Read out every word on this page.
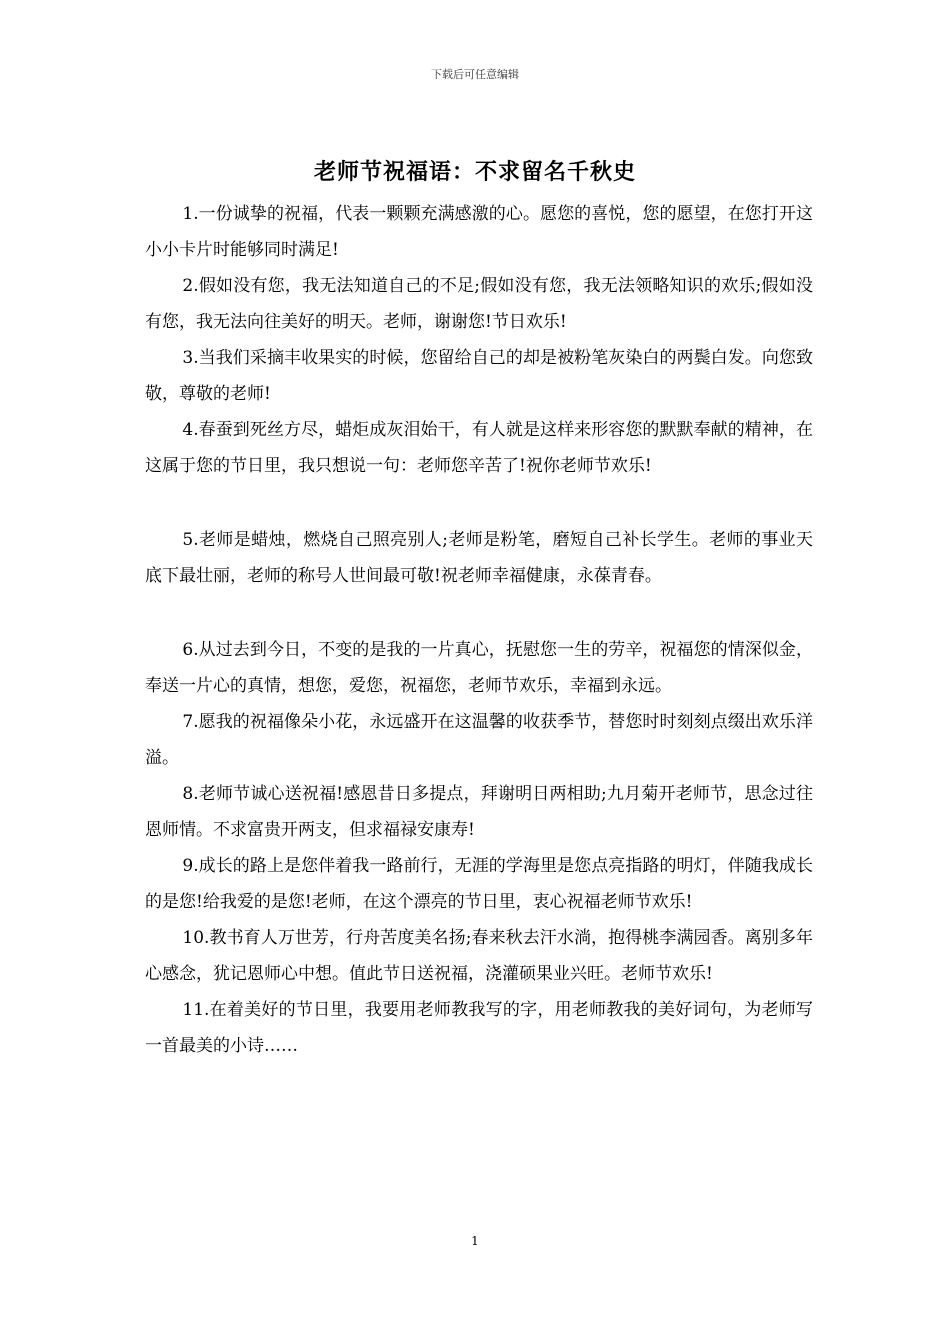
下载后可任意编辑
老师节祝福语：不求留名千秋史

1.一份诚挚的祝福，代表一颗颗充满感激的心。愿您的喜悦，您的愿望，在您打开这小小卡片时能够同时满足!

2.假如没有您，我无法知道自己的不足;假如没有您，我无法领略知识的欢乐;假如没有您，我无法向往美好的明天。老师，谢谢您!节日欢乐!

3.当我们采摘丰收果实的时候，您留给自己的却是被粉笔灰染白的两鬓白发。向您致敬，尊敬的老师!

4.春蚕到死丝方尽，蜡炬成灰泪始干，有人就是这样来形容您的默默奉献的精神，在这属于您的节日里，我只想说一句：老师您辛苦了!祝你老师节欢乐!

5.老师是蜡烛，燃烧自己照亮别人;老师是粉笔，磨短自己补长学生。老师的事业天底下最壮丽，老师的称号人世间最可敬!祝老师幸福健康，永葆青春。

6.从过去到今日，不变的是我的一片真心，抚慰您一生的劳辛，祝福您的情深似金，奉送一片心的真情，想您，爱您，祝福您，老师节欢乐，幸福到永远。

7.愿我的祝福像朵小花，永远盛开在这温馨的收获季节，替您时时刻刻点缀出欢乐洋溢。

8.老师节诚心送祝福!感恩昔日多提点，拜谢明日两相助;九月菊开老师节，思念过往恩师情。不求富贵开两支，但求福禄安康寿!

9.成长的路上是您伴着我一路前行，无涯的学海里是您点亮指路的明灯，伴随我成长的是您!给我爱的是您!老师，在这个漂亮的节日里，衷心祝福老师节欢乐!

10.教书育人万世芳，行舟苦度美名扬;春来秋去汗水淌，抱得桃李满园香。离别多年心感念，犹记恩师心中想。值此节日送祝福，浇灌硕果业兴旺。老师节欢乐!

11.在着美好的节日里，我要用老师教我写的字，用老师教我的美好词句，为老师写一首最美的小诗……

1
